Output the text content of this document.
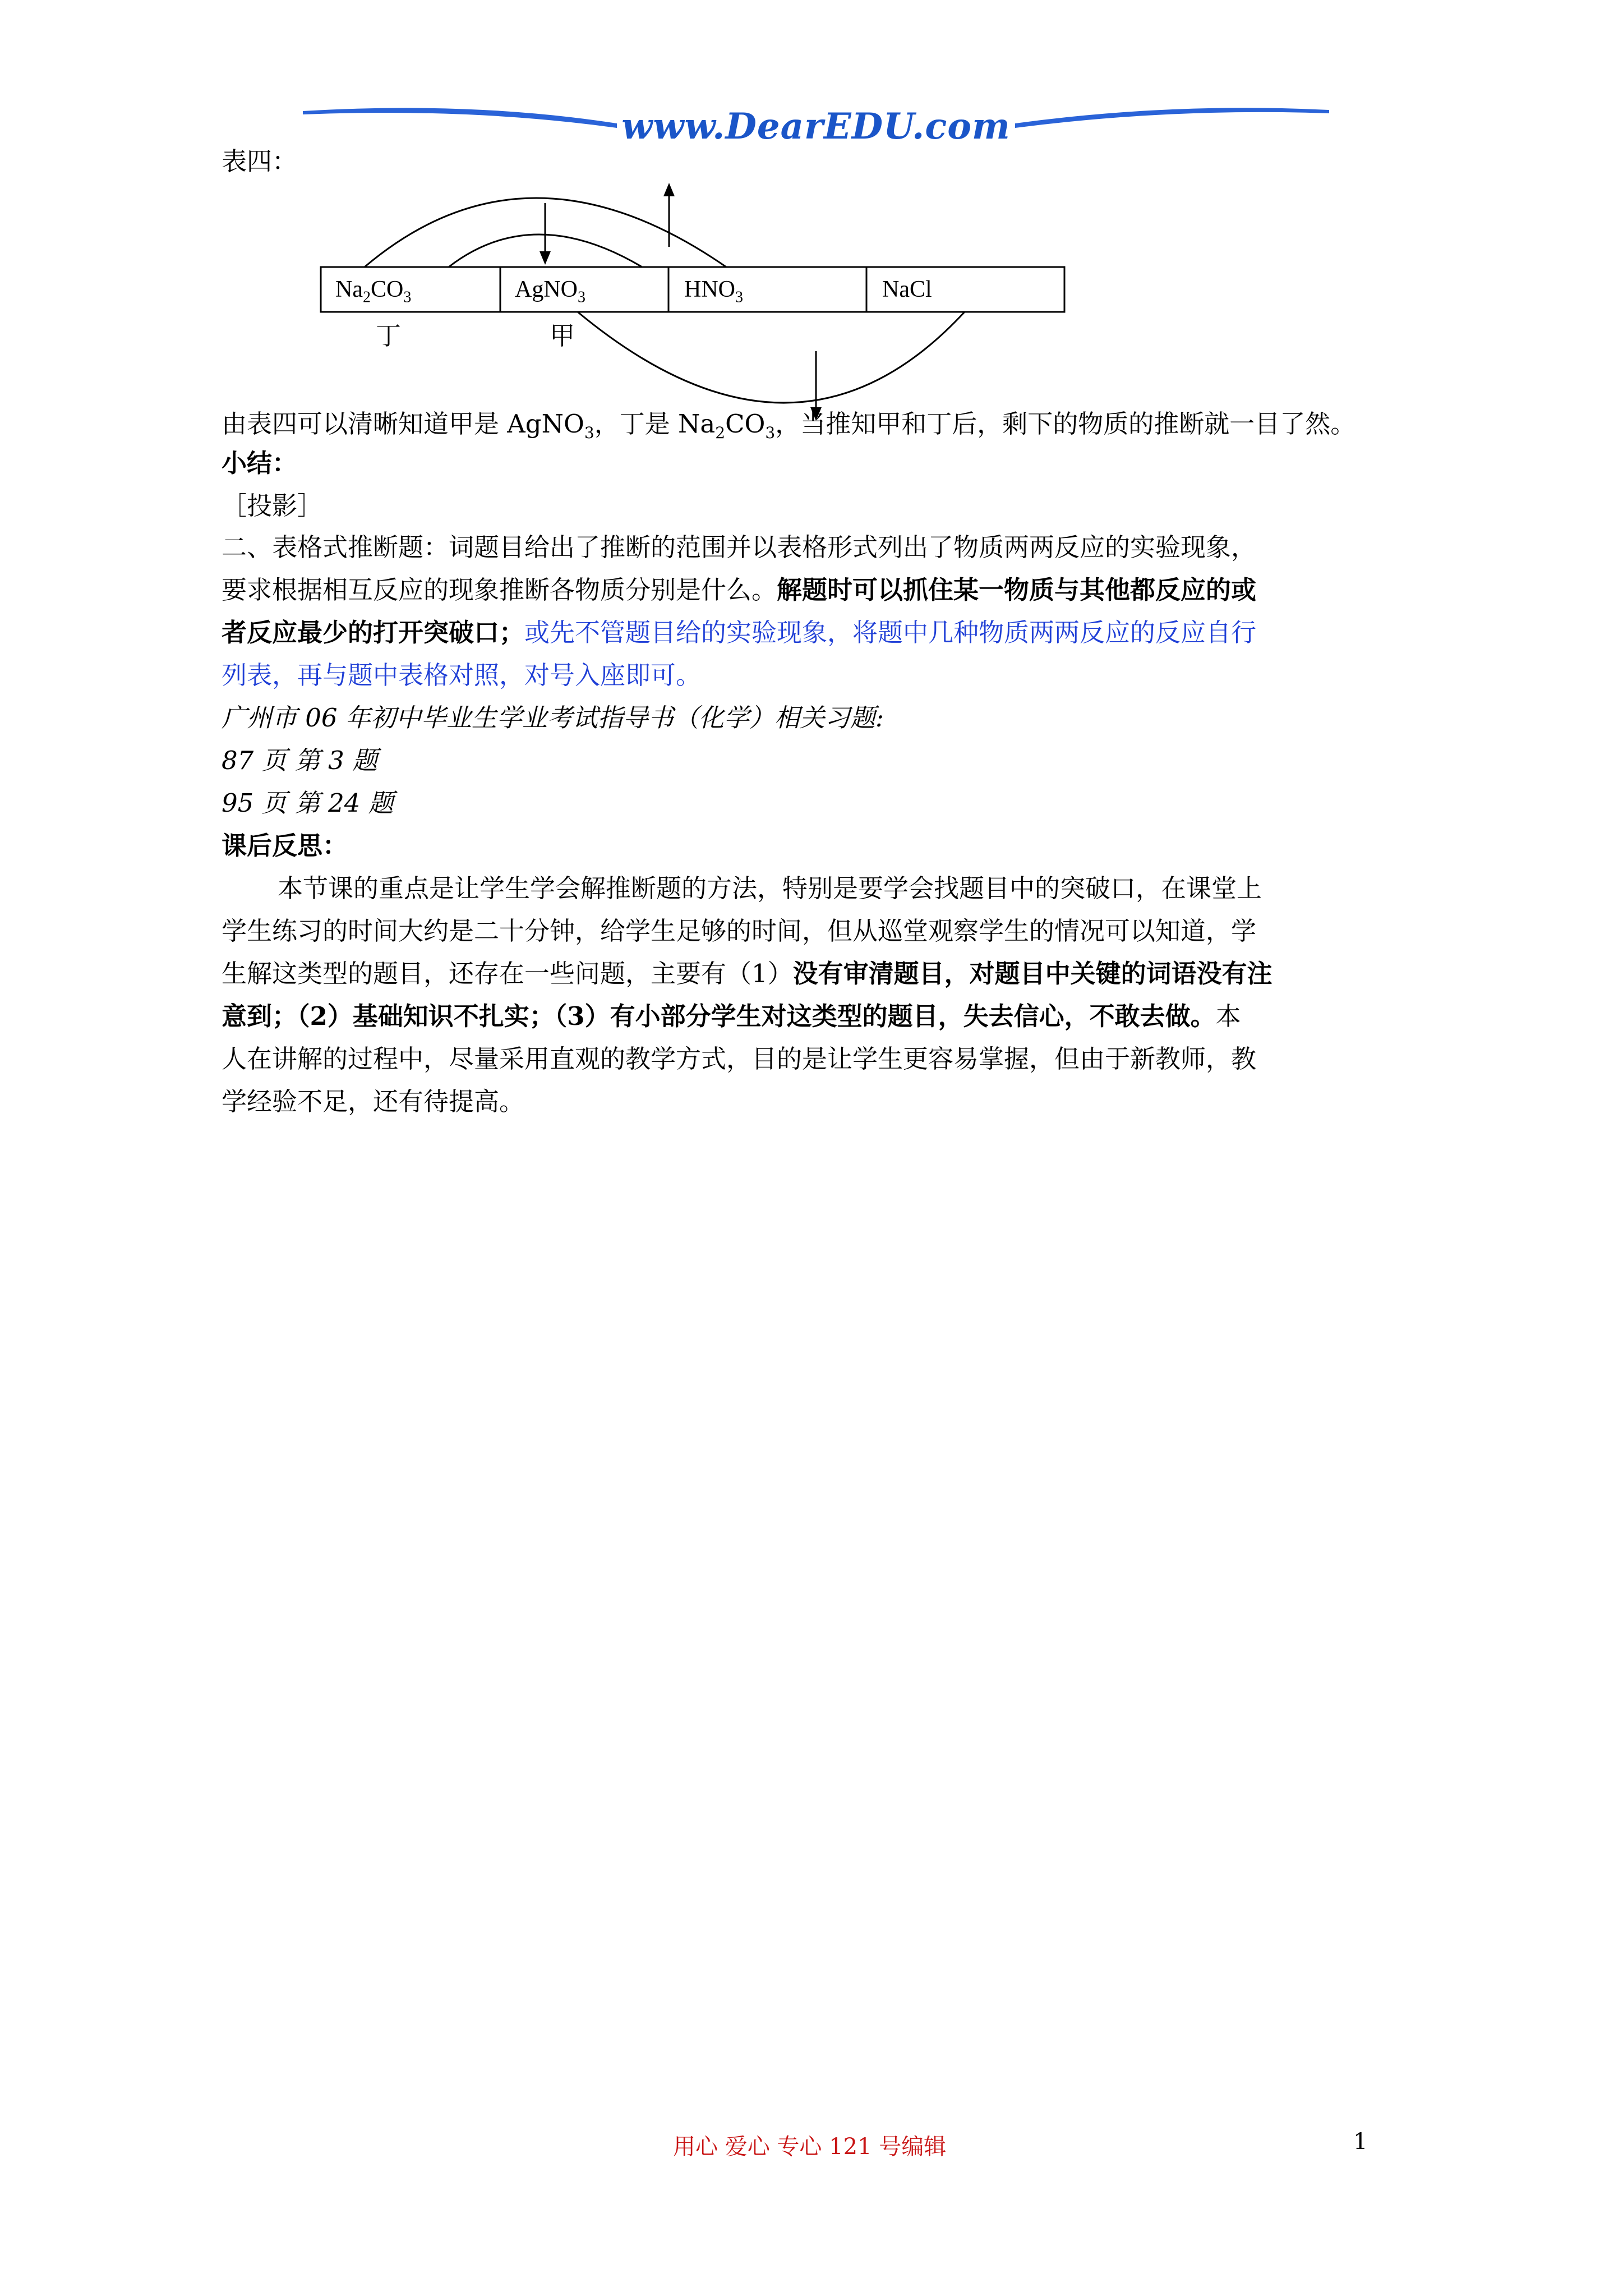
www.DearEDU.com
表四：
$Na_2CO_3$	AgNO$_3$	$HNO_3$	NaCl
丁	甲
由表四可以清晰知道甲是 AgNO$_3$，丁是 $Na_2CO_3$，当推知甲和丁后，剩下的物质的推断就一目了然。
小结：
［投影］
二、表格式推断题：词题目给出了推断的范围并以表格形式列出了物质两两反应的实验现象，
要求根据相互反应的现象推断各物质分别是什么。解题时可以抓住某一物质与其他都反应的或
者反应最少的打开突破口；或先不管题目给的实验现象，将题中几种物质两两反应的反应自行
列表，再与题中表格对照，对号入座即可。
广州市 06 年初中毕业生学业考试指导书（化学）相关习题:
87 页 第 3 题
95 页 第 24 题
课后反思：
本节课的重点是让学生学会解推断题的方法，特别是要学会找题目中的突破口，在课堂上
学生练习的时间大约是二十分钟，给学生足够的时间，但从巡堂观察学生的情况可以知道，学
生解这类型的题目，还存在一些问题，主要有（1）没有审清题目，对题目中关键的词语没有注
意到；（2）基础知识不扎实；（3）有小部分学生对这类型的题目，失去信心，不敢去做。本
人在讲解的过程中，尽量采用直观的教学方式，目的是让学生更容易掌握，但由于新教师，教
学经验不足，还有待提高。
用心 爱心 专心 121 号编辑	1
